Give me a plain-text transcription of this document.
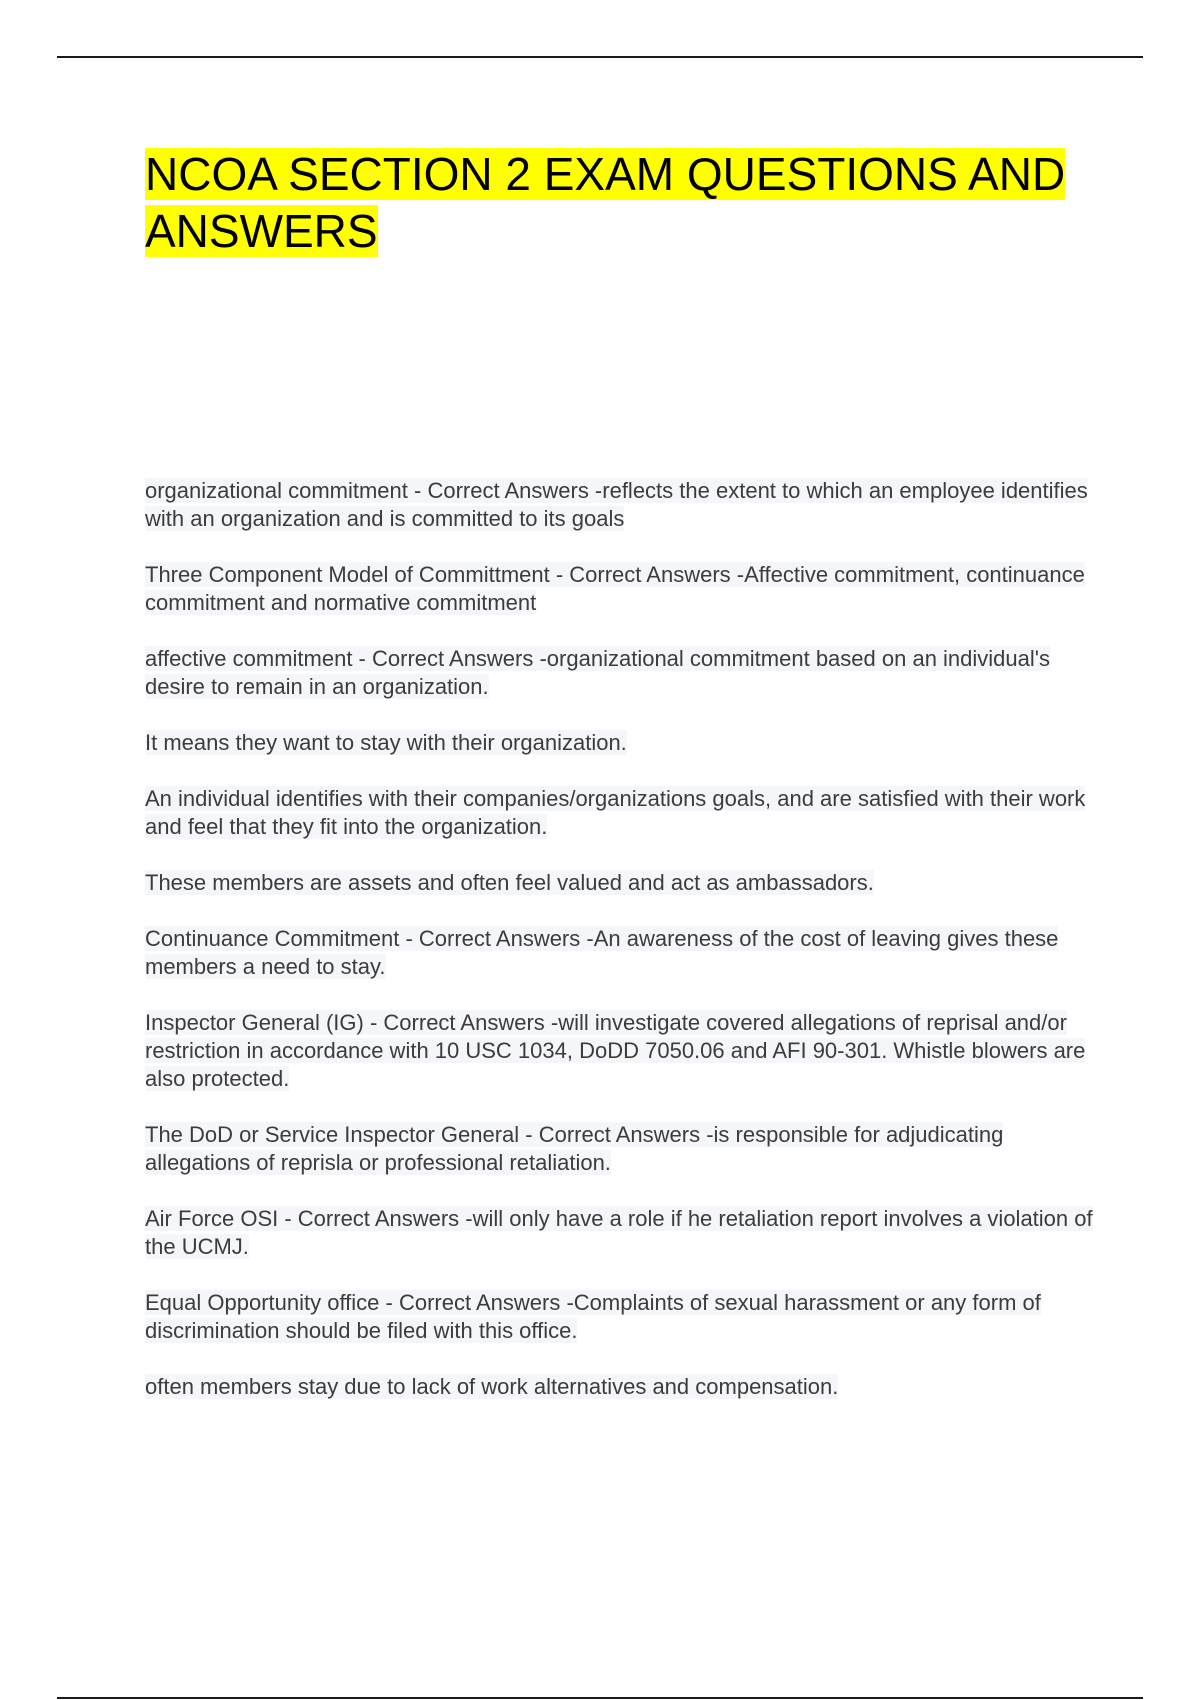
NCOA SECTION 2 EXAM QUESTIONS AND ANSWERS

organizational commitment - Correct Answers -reflects the extent to which an employee identifies with an organization and is committed to its goals

Three Component Model of Committment - Correct Answers -Affective commitment, continuance commitment and normative commitment

affective commitment - Correct Answers -organizational commitment based on an individual's desire to remain in an organization.

It means they want to stay with their organization.

An individual identifies with their companies/organizations goals, and are satisfied with their work and feel that they fit into the organization.

These members are assets and often feel valued and act as ambassadors.

Continuance Commitment - Correct Answers -An awareness of the cost of leaving gives these members a need to stay.

Inspector General (IG) - Correct Answers -will investigate covered allegations of reprisal and/or restriction in accordance with 10 USC 1034, DoDD 7050.06 and AFI 90-301. Whistle blowers are also protected.

The DoD or Service Inspector General - Correct Answers -is responsible for adjudicating allegations of reprisla or professional retaliation.

Air Force OSI - Correct Answers -will only have a role if he retaliation report involves a violation of the UCMJ.

Equal Opportunity office - Correct Answers -Complaints of sexual harassment or any form of discrimination should be filed with this office.

often members stay due to lack of work alternatives and compensation.
